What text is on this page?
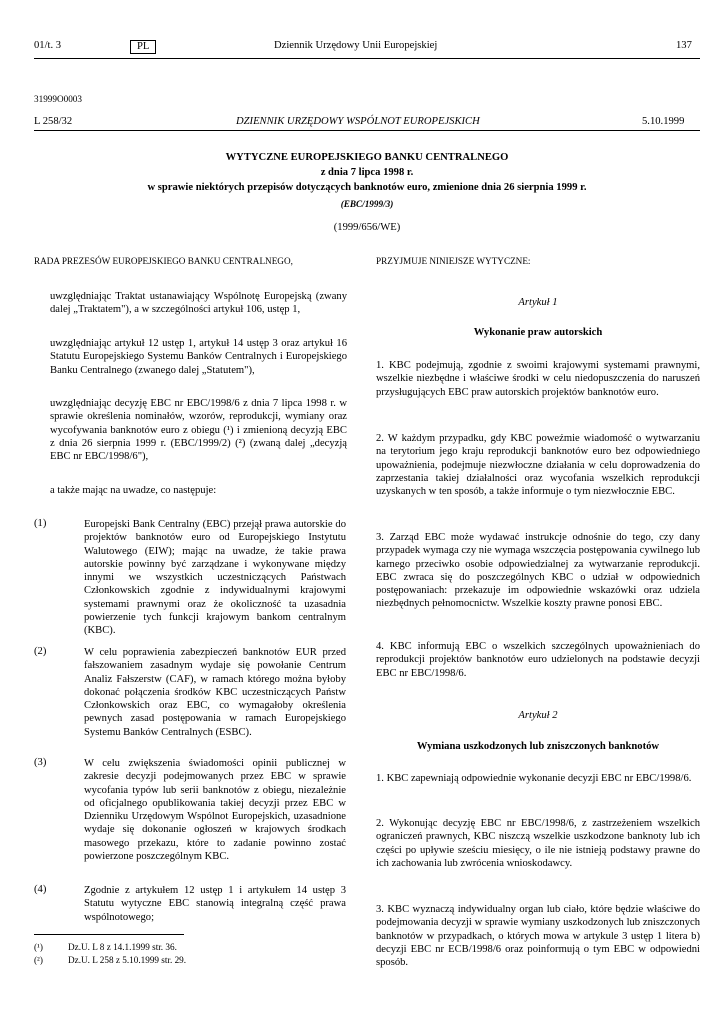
01/t. 3	PL	Dziennik Urzędowy Unii Europejskiej	137
31999O0003
L 258/32	DZIENNIK URZĘDOWY WSPÓLNOT EUROPEJSKICH	5.10.1999
WYTYCZNE EUROPEJSKIEGO BANKU CENTRALNEGO
z dnia 7 lipca 1998 r.
w sprawie niektórych przepisów dotyczących banknotów euro, zmienione dnia 26 sierpnia 1999 r.
(EBC/1999/3)
(1999/656/WE)

RADA PREZESÓW EUROPEJSKIEGO BANKU CENTRALNEGO,

uwzględniając Traktat ustanawiający Wspólnotę Europejską (zwany dalej „Traktatem"), a w szczególności artykuł 106, ustęp 1,

uwzględniając artykuł 12 ustęp 1, artykuł 14 ustęp 3 oraz artykuł 16 Statutu Europejskiego Systemu Banków Centralnych i Europejskiego Banku Centralnego (zwanego dalej „Statutem"),

uwzględniając decyzję EBC nr EBC/1998/6 z dnia 7 lipca 1998 r. w sprawie określenia nominałów, wzorów, reprodukcji, wymiany oraz wycofywania banknotów euro z obiegu (¹) i zmienioną decyzją EBC z dnia 26 sierpnia 1999 r. (EBC/1999/2) (²) (zwaną dalej „decyzją EBC nr EBC/1998/6"),

a także mając na uwadze, co następuje:

(1)	Europejski Bank Centralny (EBC) przejął prawa autorskie do projektów banknotów euro od Europejskiego Instytutu Walutowego (EIW); mając na uwadze, że takie prawa autorskie powinny być zarządzane i wykonywane między innymi we wszystkich uczestniczących Państwach Członkowskich zgodnie z indywidualnymi krajowymi systemami prawnymi oraz że okoliczność ta uzasadnia powierzenie tych funkcji krajowym bankom centralnym (KBC).

(2)	W celu poprawienia zabezpieczeń banknotów EUR przed fałszowaniem zasadnym wydaje się powołanie Centrum Analiz Fałszerstw (CAF), w ramach którego można byłoby dokonać połączenia środków KBC uczestniczących Państw Członkowskich oraz EBC, co wymagałoby określenia pewnych zasad postępowania w ramach Europejskiego Systemu Banków Centralnych (ESBC).

(3)	W celu zwiększenia świadomości opinii publicznej w zakresie decyzji podejmowanych przez EBC w sprawie wycofania typów lub serii banknotów z obiegu, niezależnie od oficjalnego opublikowania takiej decyzji przez EBC w Dzienniku Urzędowym Wspólnot Europejskich, uzasadnione wydaje się dokonanie ogłoszeń w krajowych środkach masowego przekazu, które to zadanie powinno zostać powierzone poszczególnym KBC.

(4)	Zgodnie z artykułem 12 ustęp 1 i artykułem 14 ustęp 3 Statutu wytyczne EBC stanowią integralną część prawa wspólnotowego;

(¹)	Dz.U. L 8 z 14.1.1999 str. 36.
(²)	Dz.U. L 258 z 5.10.1999 str. 29.

PRZYJMUJE NINIEJSZE WYTYCZNE:

Artykuł 1

Wykonanie praw autorskich

1. KBC podejmują, zgodnie z swoimi krajowymi systemami prawnymi, wszelkie niezbędne i właściwe środki w celu niedopuszczenia do naruszeń przysługujących EBC praw autorskich projektów banknotów euro.

2. W każdym przypadku, gdy KBC poweźmie wiadomość o wytwarzaniu na terytorium jego kraju reprodukcji banknotów euro bez odpowiedniego upoważnienia, podejmuje niezwłoczne działania w celu doprowadzenia do zaprzestania takiej działalności oraz wycofania wszelkich reprodukcji uzyskanych w ten sposób, a także informuje o tym niezwłocznie EBC.

3. Zarząd EBC może wydawać instrukcje odnośnie do tego, czy dany przypadek wymaga czy nie wymaga wszczęcia postępowania cywilnego lub karnego przeciwko osobie odpowiedzialnej za wytwarzanie reprodukcji. EBC zwraca się do poszczególnych KBC o udział w odpowiednich postępowaniach: przekazuje im odpowiednie wskazówki oraz udziela niezbędnych pełnomocnictw. Wszelkie koszty prawne ponosi EBC.

4. KBC informują EBC o wszelkich szczególnych upoważnieniach do reprodukcji projektów banknotów euro udzielonych na podstawie decyzji EBC nr EBC/1998/6.

Artykuł 2

Wymiana uszkodzonych lub zniszczonych banknotów

1. KBC zapewniają odpowiednie wykonanie decyzji EBC nr EBC/1998/6.

2. Wykonując decyzję EBC nr EBC/1998/6, z zastrzeżeniem wszelkich ograniczeń prawnych, KBC niszczą wszelkie uszkodzone banknoty lub ich części po upływie sześciu miesięcy, o ile nie istnieją podstawy prawne do ich zachowania lub zwrócenia wnioskodawcy.

3. KBC wyznaczą indywidualny organ lub ciało, które będzie właściwe do podejmowania decyzji w sprawie wymiany uszkodzonych lub zniszczonych banknotów w przypadkach, o których mowa w artykule 3 ustęp 1 litera b) decyzji EBC nr ECB/1998/6 oraz poinformują o tym EBC w odpowiedni sposób.
